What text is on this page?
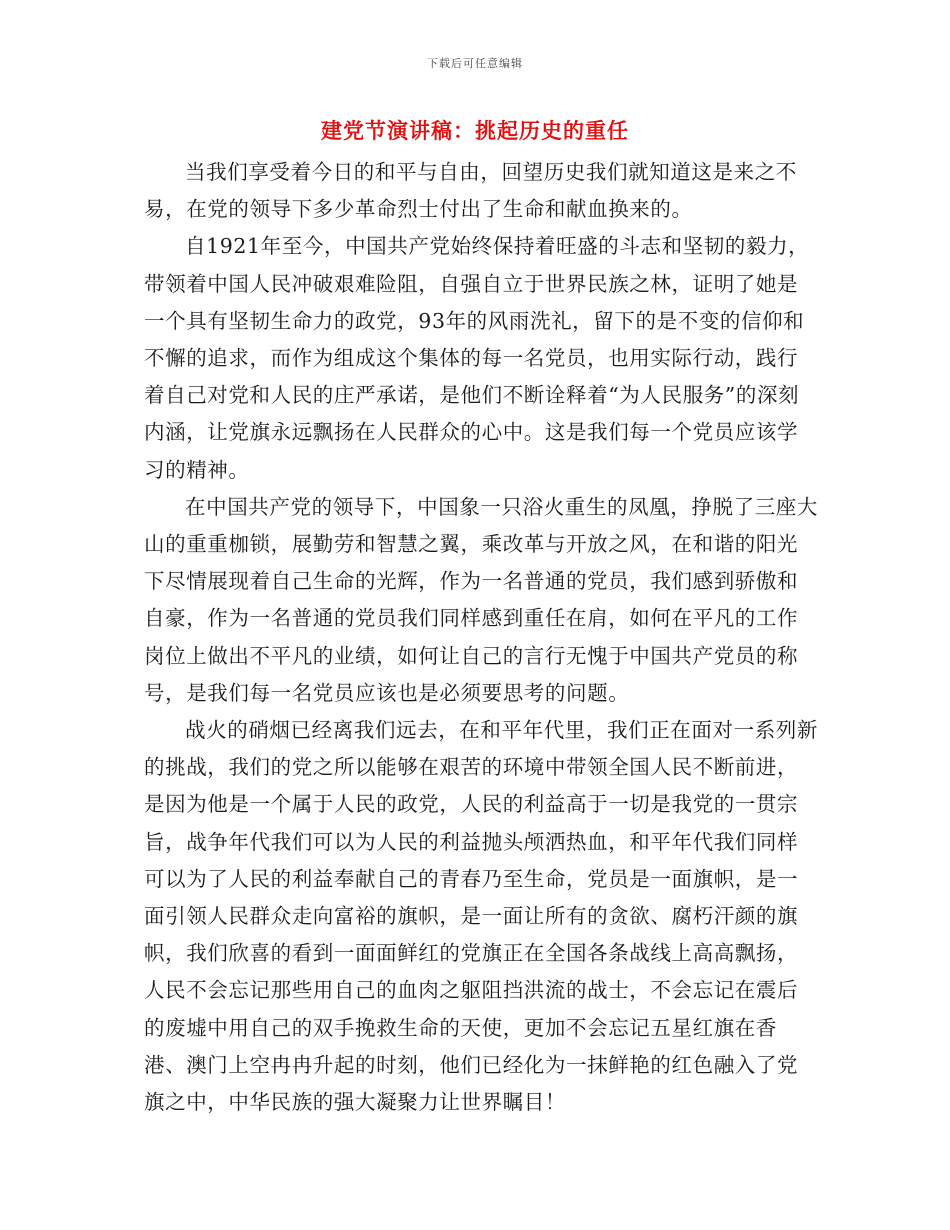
下载后可任意编辑
建党节演讲稿：挑起历史的重任

当我们享受着今日的和平与自由，回望历史我们就知道这是来之不易，在党的领导下多少革命烈士付出了生命和献血换来的。

自1921年至今，中国共产党始终保持着旺盛的斗志和坚韧的毅力，带领着中国人民冲破艰难险阻，自强自立于世界民族之林，证明了她是一个具有坚韧生命力的政党，93年的风雨洗礼，留下的是不变的信仰和不懈的追求，而作为组成这个集体的每一名党员，也用实际行动，践行着自己对党和人民的庄严承诺，是他们不断诠释着“为人民服务”的深刻内涵，让党旗永远飘扬在人民群众的心中。这是我们每一个党员应该学习的精神。

在中国共产党的领导下，中国象一只浴火重生的凤凰，挣脱了三座大山的重重枷锁，展勤劳和智慧之翼，乘改革与开放之风，在和谐的阳光下尽情展现着自己生命的光辉，作为一名普通的党员，我们感到骄傲和自豪，作为一名普通的党员我们同样感到重任在肩，如何在平凡的工作岗位上做出不平凡的业绩，如何让自己的言行无愧于中国共产党员的称号，是我们每一名党员应该也是必须要思考的问题。

战火的硝烟已经离我们远去，在和平年代里，我们正在面对一系列新的挑战，我们的党之所以能够在艰苦的环境中带领全国人民不断前进，是因为他是一个属于人民的政党，人民的利益高于一切是我党的一贯宗旨，战争年代我们可以为人民的利益抛头颅洒热血，和平年代我们同样可以为了人民的利益奉献自己的青春乃至生命，党员是一面旗帜，是一面引领人民群众走向富裕的旗帜，是一面让所有的贪欲、腐朽汗颜的旗帜，我们欣喜的看到一面面鲜红的党旗正在全国各条战线上高高飘扬，人民不会忘记那些用自己的血肉之躯阻挡洪流的战士，不会忘记在震后的废墟中用自己的双手挽救生命的天使，更加不会忘记五星红旗在香港、澳门上空冉冉升起的时刻，他们已经化为一抹鲜艳的红色融入了党旗之中，中华民族的强大凝聚力让世界瞩目！
